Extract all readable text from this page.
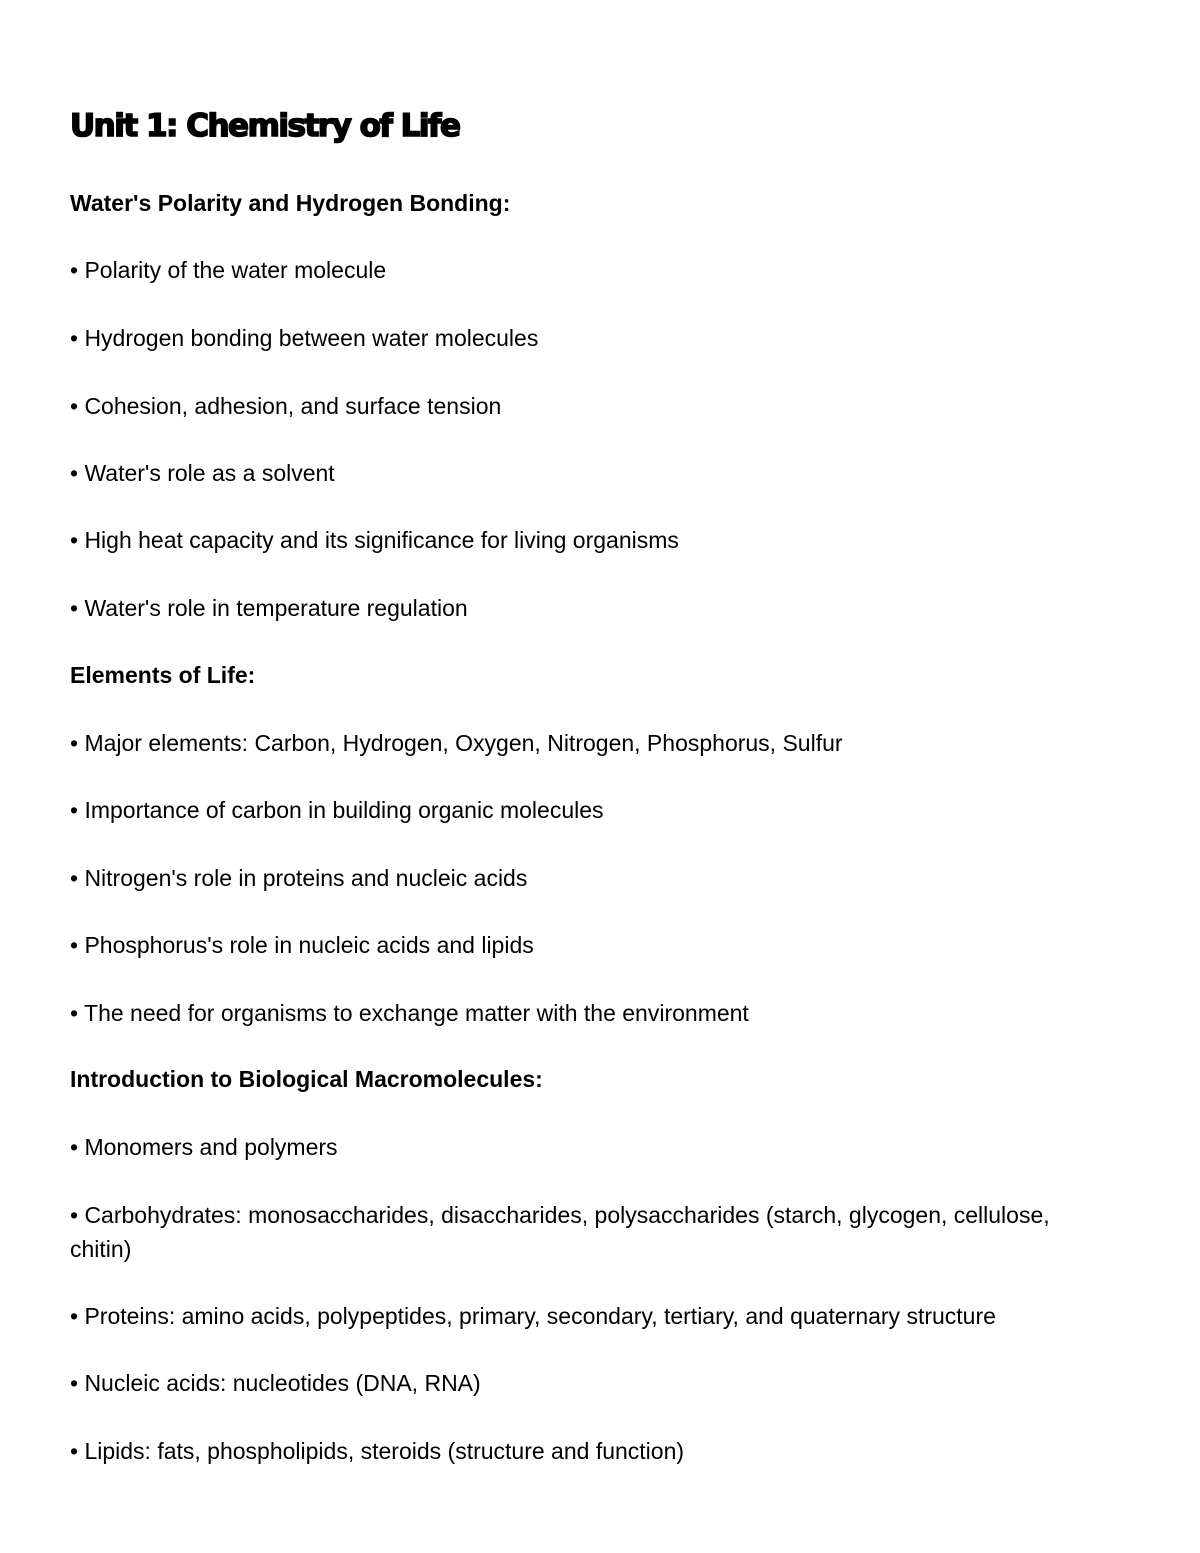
Unit 1: Chemistry of Life

Water's Polarity and Hydrogen Bonding:

• Polarity of the water molecule

• Hydrogen bonding between water molecules

• Cohesion, adhesion, and surface tension

• Water's role as a solvent

• High heat capacity and its significance for living organisms

• Water's role in temperature regulation

Elements of Life:

• Major elements: Carbon, Hydrogen, Oxygen, Nitrogen, Phosphorus, Sulfur

• Importance of carbon in building organic molecules

• Nitrogen's role in proteins and nucleic acids

• Phosphorus's role in nucleic acids and lipids

• The need for organisms to exchange matter with the environment

Introduction to Biological Macromolecules:

• Monomers and polymers

• Carbohydrates: monosaccharides, disaccharides, polysaccharides (starch, glycogen, cellulose, chitin)

• Proteins: amino acids, polypeptides, primary, secondary, tertiary, and quaternary structure

• Nucleic acids: nucleotides (DNA, RNA)

• Lipids: fats, phospholipids, steroids (structure and function)
